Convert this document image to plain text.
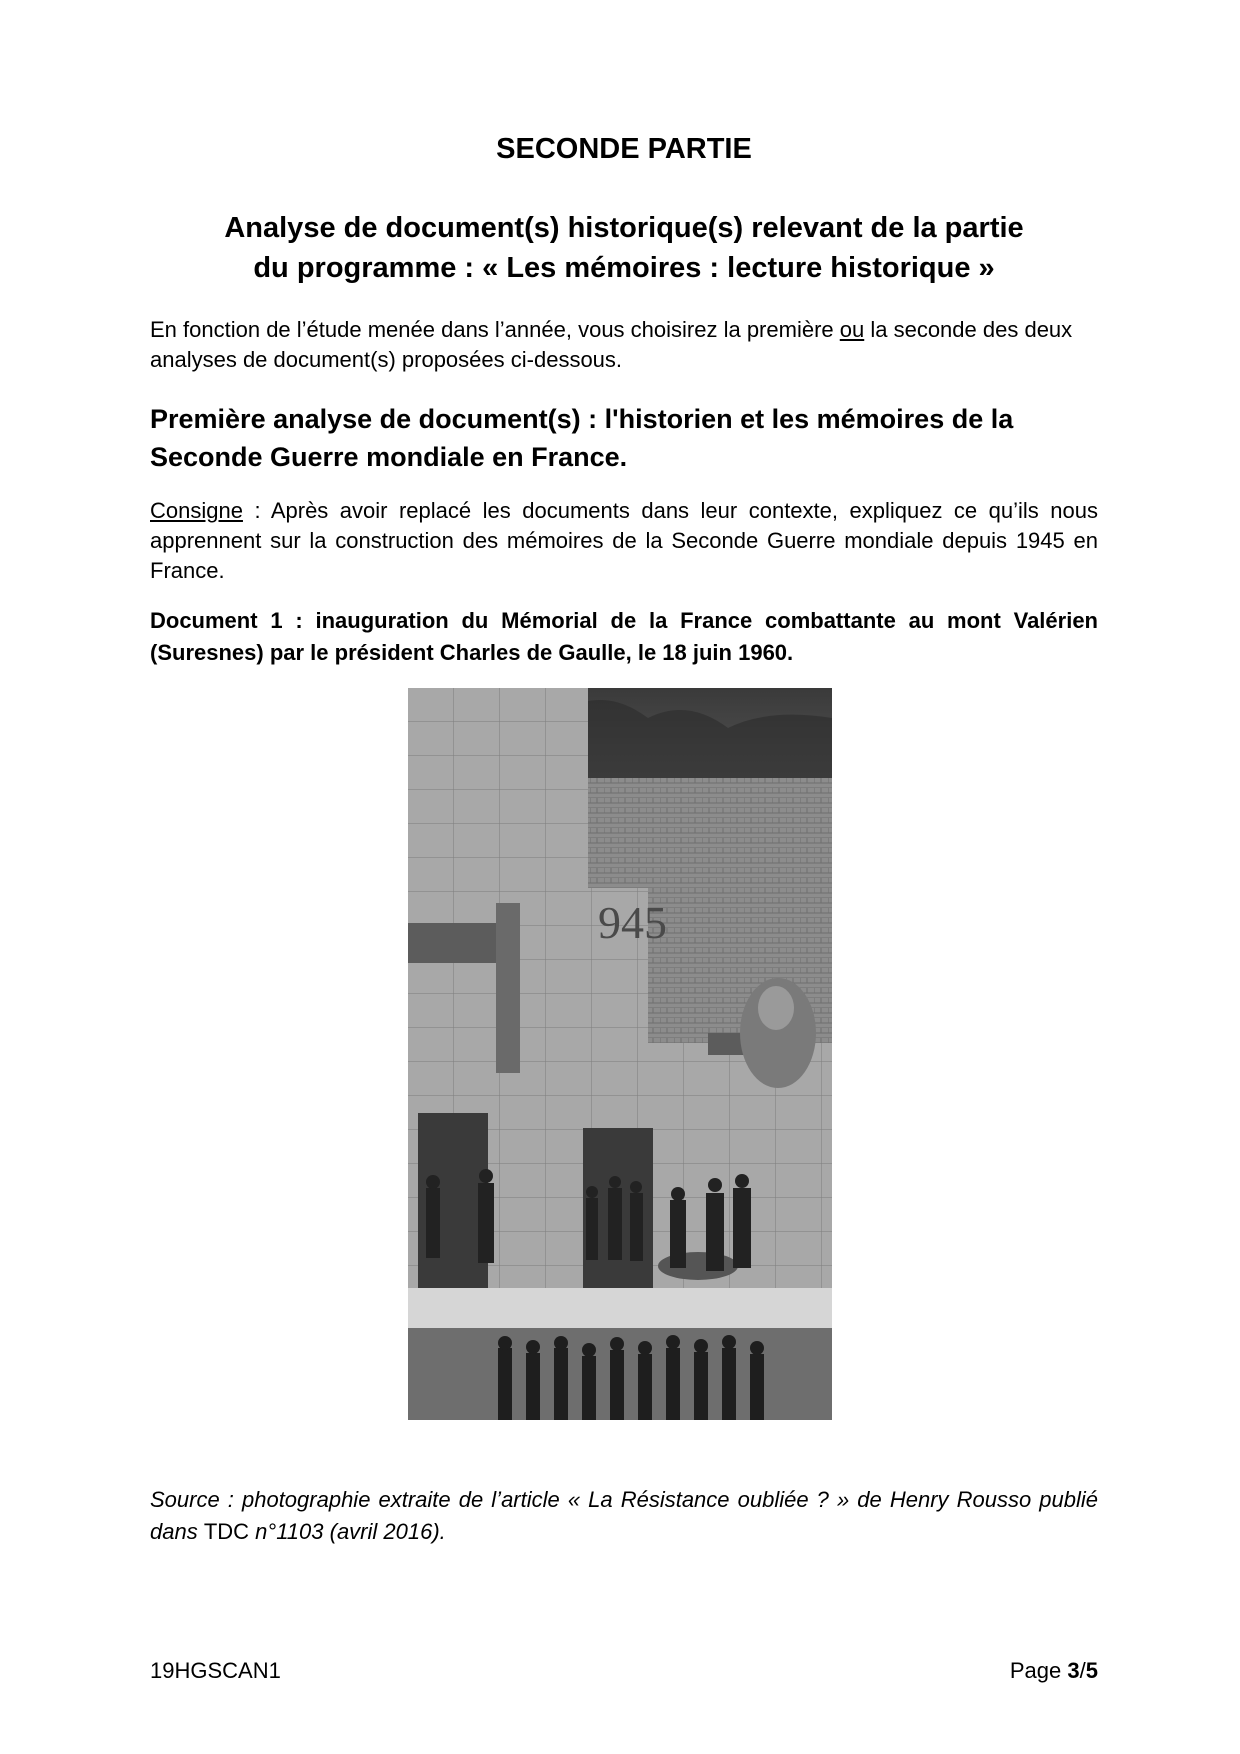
SECONDE PARTIE
Analyse de document(s) historique(s) relevant de la partie
du programme : « Les mémoires : lecture historique »
En fonction de l’étude menée dans l’année, vous choisirez la première ou la seconde des deux analyses de document(s) proposées ci-dessous.
Première analyse de document(s) : l'historien et les mémoires de la Seconde Guerre mondiale en France.
Consigne : Après avoir replacé les documents dans leur contexte, expliquez ce qu’ils nous apprennent sur la construction des mémoires de la Seconde Guerre mondiale depuis 1945 en France.
Document 1 : inauguration du Mémorial de la France combattante au mont Valérien (Suresnes) par le président Charles de Gaulle, le 18 juin 1960.
945
Source : photographie extraite de l’article « La Résistance oubliée ? » de Henry Rousso publié dans TDC n°1103 (avril 2016).
19HGSCAN1	Page 3/5
